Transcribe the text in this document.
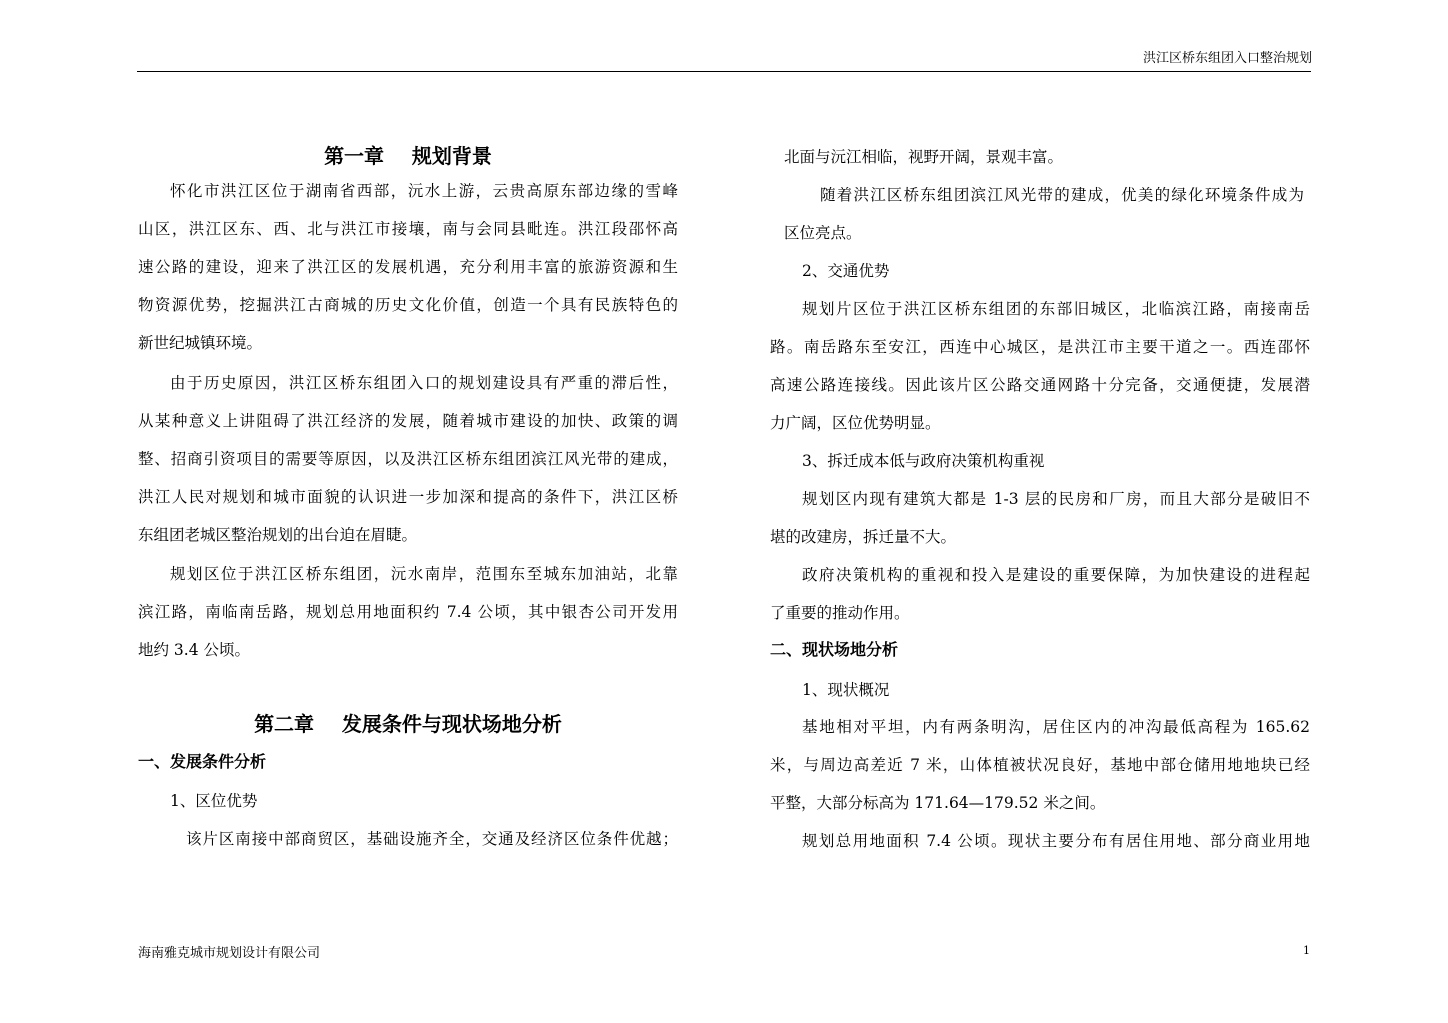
洪江区桥东组团入口整治规划
第一章    规划背景
怀化市洪江区位于湖南省西部，沅水上游，云贵高原东部边缘的雪峰
山区，洪江区东、西、北与洪江市接壤，南与会同县毗连。洪江段邵怀高
速公路的建设，迎来了洪江区的发展机遇，充分利用丰富的旅游资源和生
物资源优势，挖掘洪江古商城的历史文化价值，创造一个具有民族特色的
新世纪城镇环境。
由于历史原因，洪江区桥东组团入口的规划建设具有严重的滞后性，
从某种意义上讲阻碍了洪江经济的发展，随着城市建设的加快、政策的调
整、招商引资项目的需要等原因，以及洪江区桥东组团滨江风光带的建成，
洪江人民对规划和城市面貌的认识进一步加深和提高的条件下，洪江区桥
东组团老城区整治规划的出台迫在眉睫。
规划区位于洪江区桥东组团，沅水南岸，范围东至城东加油站，北靠
滨江路，南临南岳路，规划总用地面积约 7.4 公顷，其中银杏公司开发用
地约 3.4 公顷。
第二章    发展条件与现状场地分析
一、发展条件分析
1、区位优势
该片区南接中部商贸区，基础设施齐全，交通及经济区位条件优越；
北面与沅江相临，视野开阔，景观丰富。
随着洪江区桥东组团滨江风光带的建成，优美的绿化环境条件成为
区位亮点。
2、交通优势
规划片区位于洪江区桥东组团的东部旧城区，北临滨江路，南接南岳
路。南岳路东至安江，西连中心城区，是洪江市主要干道之一。西连邵怀
高速公路连接线。因此该片区公路交通网路十分完备，交通便捷，发展潜
力广阔，区位优势明显。
3、拆迁成本低与政府决策机构重视
规划区内现有建筑大都是 1-3 层的民房和厂房，而且大部分是破旧不
堪的改建房，拆迁量不大。
政府决策机构的重视和投入是建设的重要保障，为加快建设的进程起
了重要的推动作用。
二、现状场地分析
1、现状概况
基地相对平坦，内有两条明沟，居住区内的冲沟最低高程为 165.62
米，与周边高差近 7 米，山体植被状况良好，基地中部仓储用地地块已经
平整，大部分标高为 171.64—179.52 米之间。
规划总用地面积 7.4 公顷。现状主要分布有居住用地、部分商业用地
海南雅克城市规划设计有限公司	1
